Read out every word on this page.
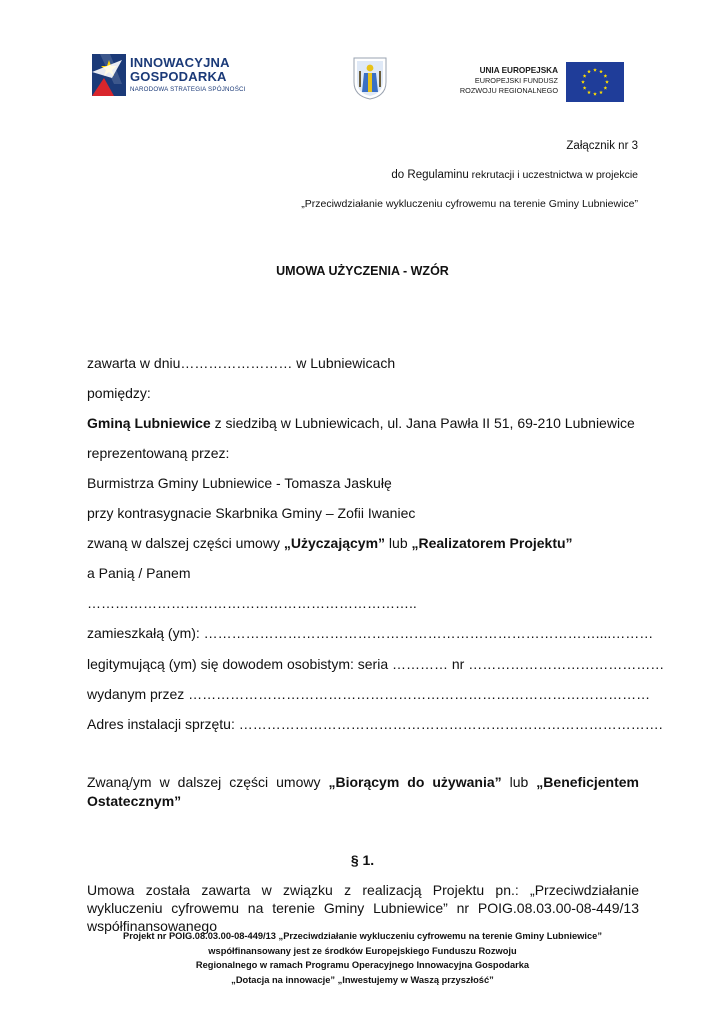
INNOWACYJNA
GOSPODARKA
NARODOWA STRATEGIA SPÓJNOŚCI
UNIA EUROPEJSKA
EUROPEJSKI FUNDUSZ
ROZWOJU REGIONALNEGO
Załącznik nr 3
do Regulaminu rekrutacji i uczestnictwa w projekcie
„Przeciwdziałanie wykluczeniu cyfrowemu na terenie Gminy Lubniewice”
UMOWA UŻYCZENIA - WZÓR
zawarta w dniu…………………… w Lubniewicach
pomiędzy:
Gminą Lubniewice z siedzibą w Lubniewicach, ul. Jana Pawła II 51, 69-210 Lubniewice
reprezentowaną przez:
Burmistrza Gminy Lubniewice - Tomasza Jaskułę
przy kontrasygnacie Skarbnika Gminy – Zofii Iwaniec
zwaną w dalszej części umowy „Użyczającym” lub „Realizatorem Projektu”
a Panią / Panem
……………………………………………………………..
zamieszkałą (ym): …………………………………………………………………………....………
legitymującą (ym) się dowodem osobistym: seria ………… nr ……………………………………
wydanym przez ………………………………………………………………………………………
Adres instalacji sprzętu: ……………………………………………………………………………….
Zwaną/ym w dalszej części umowy „Biorącym do używania” lub „Beneficjentem Ostatecznym”
§ 1.
Umowa została zawarta w związku z realizacją Projektu pn.: „Przeciwdziałanie wykluczeniu cyfrowemu na terenie Gminy Lubniewice” nr POIG.08.03.00-08-449/13 współfinansowanego
Projekt nr POIG.08.03.00-08-449/13 „Przeciwdziałanie wykluczeniu cyfrowemu na terenie Gminy Lubniewice”
współfinansowany jest ze środków Europejskiego Funduszu Rozwoju
Regionalnego w ramach Programu Operacyjnego Innowacyjna Gospodarka
„Dotacja na innowacje” „Inwestujemy w Waszą przyszłość”
